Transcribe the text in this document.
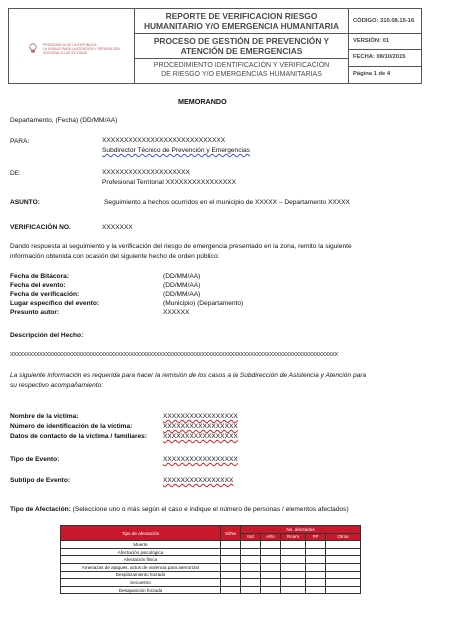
PRESIDENCIA DE LA REPÚBLICA
LA UNIDAD PARA LA ATENCIÓN Y REPARACIÓN INTEGRAL A LAS VÍCTIMAS
REPORTE DE VERIFICACION RIESGO
HUMANITARIO Y/O EMERGENCIA HUMANITARIA
PROCESO DE GESTIÓN DE PREVENCIÓN Y
ATENCIÓN DE EMERGENCIAS
PROCEDIMIENTO IDENTIFICACIÓN Y VERIFICACIÓN
DE RIESGO Y/O EMERGENCIAS HUMANITARIAS
CÓDIGO: 310.08.15-16
VERSIÓN: 01
FECHA: 08/10/2015
Página 1 de 4
MEMORANDO
Departamento, (Fecha) (DD/MM/AA)
PARA:	XXXXXXXXXXXXXXXXXXXXXXXXXXXX
Subdirector Técnico de Prevención y Emergencias
DE:	XXXXXXXXXXXXXXXXXXXX
Profesional Territorial XXXXXXXXXXXXXXXX
ASUNTO:	Seguimiento a hechos ocurridos en el municipio de XXXXX – Departamento XXXXX
VERIFICACIÓN NO.	XXXXXXX
Dando respuesta al seguimiento y la verificación del riesgo de emergencia presentado en la zona, remito la siguiente
información obtenida con ocasión del siguiente hecho de orden público:
Fecha de Bitácora:	(DD/MM/AA)
Fecha del evento:	(DD/MM/AA)
Fecha de verificación:	(DD/MM/AA)
Lugar específico del evento:	(Municipio) (Departamento)
Presunto autor:	XXXXXX
Descripción del Hecho:
XXXXXXXXXXXXXXXXXXXXXXXXXXXXXXXXXXXXXXXXXXXXXXXXXXXXXXXXXXXXXXXXXXXXXXXXXXXXXXXXXXXXXXXXXXXXXXXXXXXXX
La siguiente información es requerida para hacer la remisión de los casos a la Subdirección de Asistencia y Atención para
su respectivo acompañamiento:
Nombre de la víctima:	XXXXXXXXXXXXXXXXX
Número de identificación de la víctima:	XXXXXXXXXXXXXXXXX
Datos de contacto de la víctima / familiares: XXXXXXXXXXXXXXXXX
Tipo de Evento:	XXXXXXXXXXXXXXXXX
Subtipo de Evento:	XXXXXXXXXXXXXXXX
Tipo de Afectación: (Seleccione uno o más según el caso e indique el número de personas / elementos afectados)
Tipo de afectación	Si/No	No. afectados				
		Ind	Afro	Room	FP	Otros
Muerte						
Afectación psicológica						
Afectación física						
Amenazas de ataques, actos de violencia para aterrorizar						
Desplazamiento forzado						
Secuestro						
Desaparición forzada						
